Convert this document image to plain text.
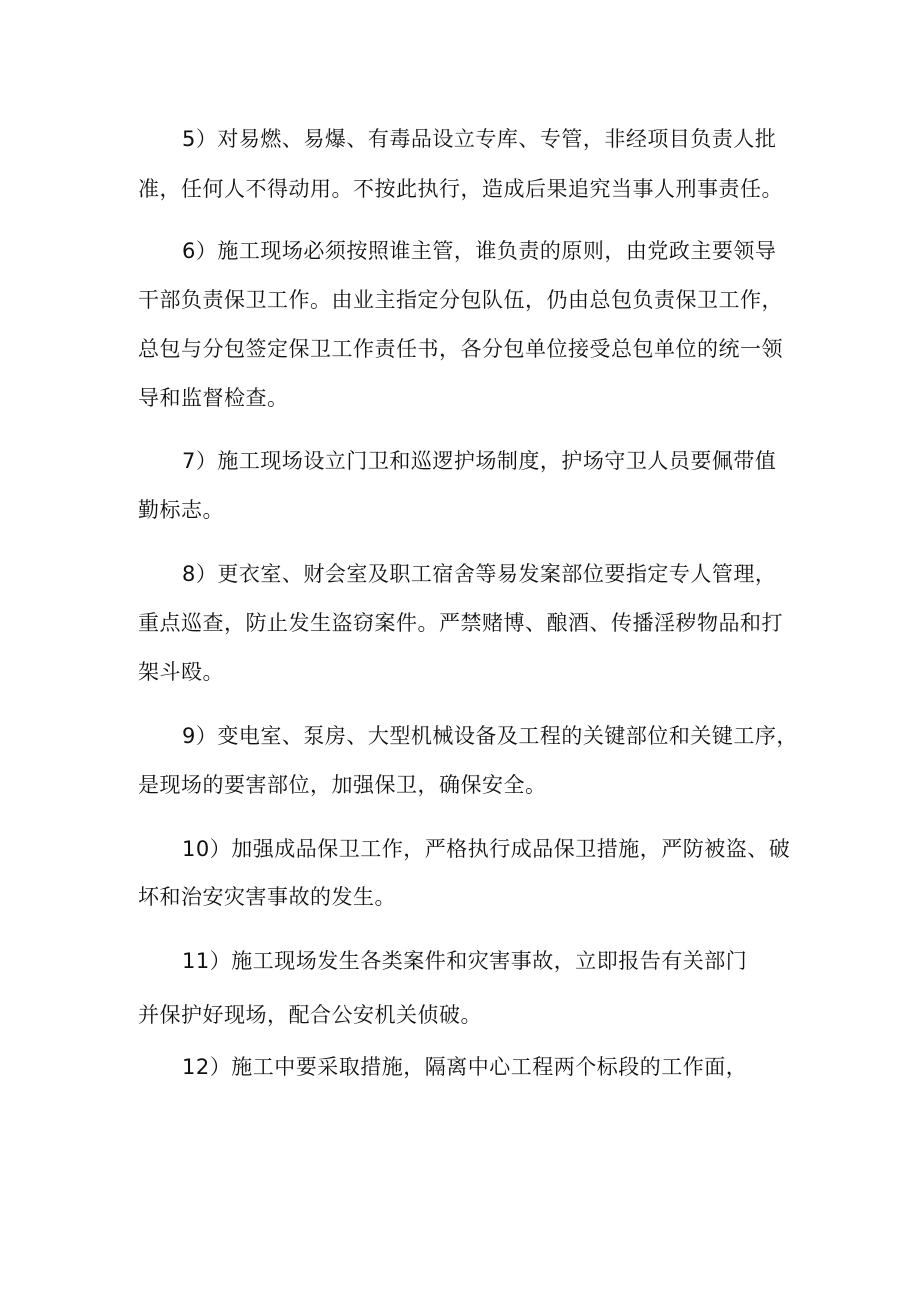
5）对易燃、易爆、有毒品设立专库、专管，非经项目负责人批
准，任何人不得动用。不按此执行，造成后果追究当事人刑事责任。
6）施工现场必须按照谁主管，谁负责的原则，由党政主要领导
干部负责保卫工作。由业主指定分包队伍，仍由总包负责保卫工作，
总包与分包签定保卫工作责任书，各分包单位接受总包单位的统一领
导和监督检查。
7）施工现场设立门卫和巡逻护场制度，护场守卫人员要佩带值
勤标志。
8）更衣室、财会室及职工宿舍等易发案部位要指定专人管理，
重点巡查，防止发生盗窃案件。严禁赌博、酿酒、传播淫秽物品和打
架斗殴。
9）变电室、泵房、大型机械设备及工程的关键部位和关键工序，
是现场的要害部位，加强保卫，确保安全。
10）加强成品保卫工作，严格执行成品保卫措施，严防被盗、破
坏和治安灾害事故的发生。
11）施工现场发生各类案件和灾害事故，立即报告有关部门
并保护好现场，配合公安机关侦破。
12）施工中要采取措施，隔离中心工程两个标段的工作面，
